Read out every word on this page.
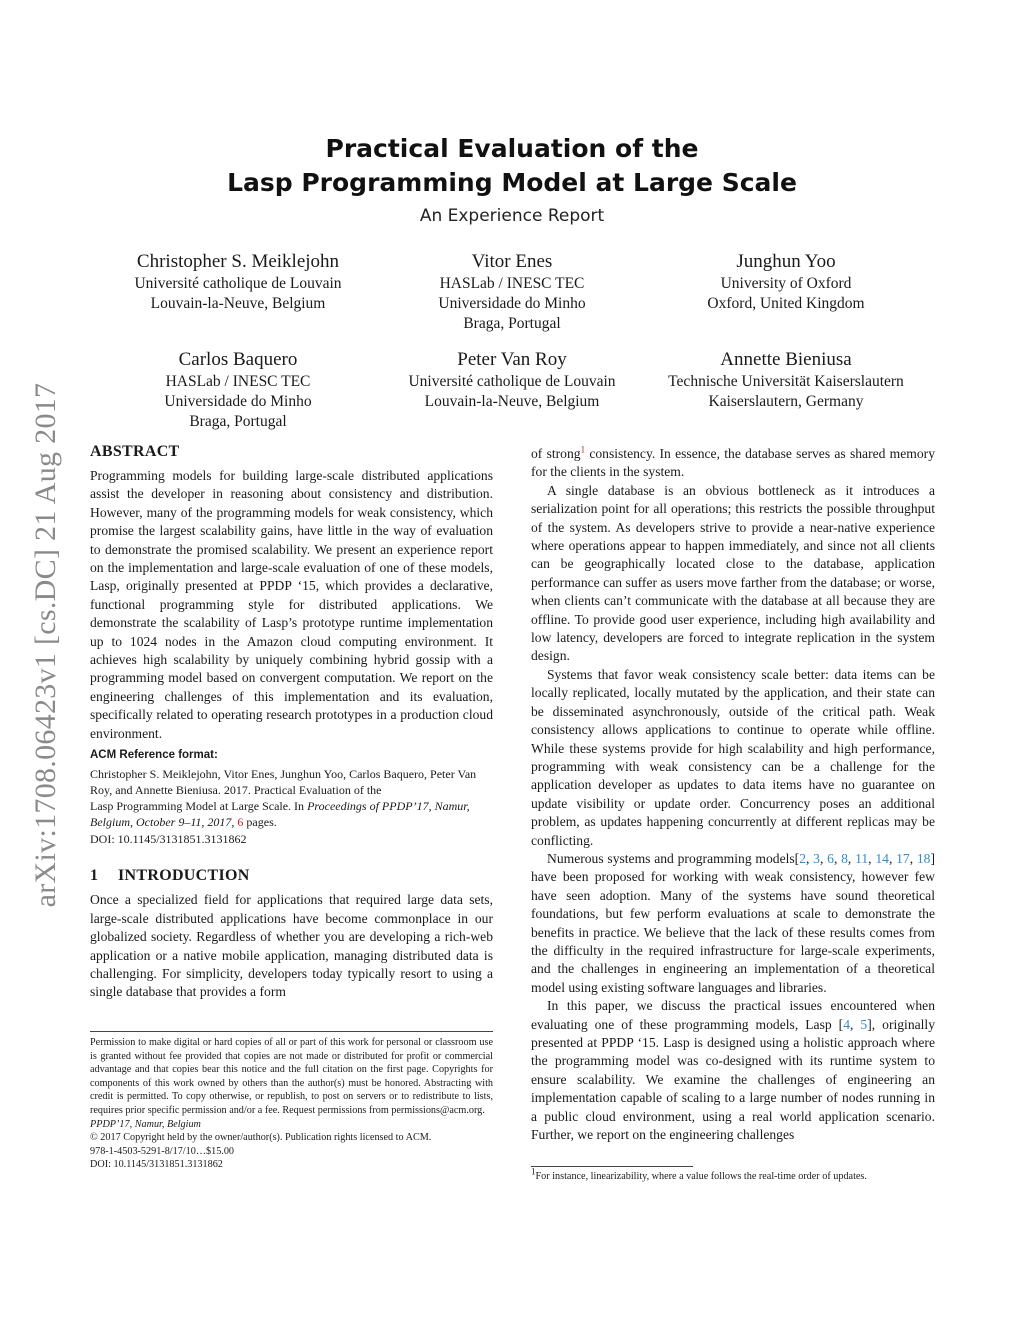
arXiv:1708.06423v1 [cs.DC] 21 Aug 2017
Practical Evaluation of the
Lasp Programming Model at Large Scale
An Experience Report
Christopher S. Meiklejohn
Université catholique de Louvain
Louvain-la-Neuve, Belgium
Vitor Enes
HASLab / INESC TEC
Universidade do Minho
Braga, Portugal
Junghun Yoo
University of Oxford
Oxford, United Kingdom
Carlos Baquero
HASLab / INESC TEC
Universidade do Minho
Braga, Portugal
Peter Van Roy
Université catholique de Louvain
Louvain-la-Neuve, Belgium
Annette Bieniusa
Technische Universität Kaiserslautern
Kaiserslautern, Germany
ABSTRACT

Programming models for building large-scale distributed applications assist the developer in reasoning about consistency and distribution. However, many of the programming models for weak consistency, which promise the largest scalability gains, have little in the way of evaluation to demonstrate the promised scalability. We present an experience report on the implementation and large-scale evaluation of one of these models, Lasp, originally presented at PPDP ‘15, which provides a declarative, functional programming style for distributed applications. We demonstrate the scalability of Lasp’s prototype runtime implementation up to 1024 nodes in the Amazon cloud computing environment. It achieves high scalability by uniquely combining hybrid gossip with a programming model based on convergent computation. We report on the engineering challenges of this implementation and its evaluation, specifically related to operating research prototypes in a production cloud environment.

ACM Reference format:
Christopher S. Meiklejohn, Vitor Enes, Junghun Yoo, Carlos Baquero, Peter Van Roy, and Annette Bieniusa. 2017. Practical Evaluation of the
Lasp Programming Model at Large Scale. In Proceedings of PPDP’17, Namur, Belgium, October 9–11, 2017, 6 pages.
DOI: 10.1145/3131851.3131862
1 INTRODUCTION

Once a specialized field for applications that required large data sets, large-scale distributed applications have become commonplace in our globalized society. Regardless of whether you are developing a rich-web application or a native mobile application, managing distributed data is challenging. For simplicity, developers today typically resort to using a single database that provides a form

Permission to make digital or hard copies of all or part of this work for personal or classroom use is granted without fee provided that copies are not made or distributed for profit or commercial advantage and that copies bear this notice and the full citation on the first page. Copyrights for components of this work owned by others than the author(s) must be honored. Abstracting with credit is permitted. To copy otherwise, or republish, to post on servers or to redistribute to lists, requires prior specific permission and/or a fee. Request permissions from permissions@acm.org.

PPDP’17, Namur, Belgium

© 2017 Copyright held by the owner/author(s). Publication rights licensed to ACM.

978-1-4503-5291-8/17/10…$15.00

DOI: 10.1145/3131851.3131862

of strong$^1$ consistency. In essence, the database serves as shared memory for the clients in the system.

A single database is an obvious bottleneck as it introduces a serialization point for all operations; this restricts the possible throughput of the system. As developers strive to provide a near-native experience where operations appear to happen immediately, and since not all clients can be geographically located close to the database, application performance can suffer as users move farther from the database; or worse, when clients can’t communicate with the database at all because they are offline. To provide good user experience, including high availability and low latency, developers are forced to integrate replication in the system design.

Systems that favor weak consistency scale better: data items can be locally replicated, locally mutated by the application, and their state can be disseminated asynchronously, outside of the critical path. Weak consistency allows applications to continue to operate while offline. While these systems provide for high scalability and high performance, programming with weak consistency can be a challenge for the application developer as updates to data items have no guarantee on update visibility or update order. Concurrency poses an additional problem, as updates happening concurrently at different replicas may be conflicting.

Numerous systems and programming models[2, 3, 6, 8, 11, 14, 17, 18] have been proposed for working with weak consistency, however few have seen adoption. Many of the systems have sound theoretical foundations, but few perform evaluations at scale to demonstrate the benefits in practice. We believe that the lack of these results comes from the difficulty in the required infrastructure for large-scale experiments, and the challenges in engineering an implementation of a theoretical model using existing software languages and libraries.

In this paper, we discuss the practical issues encountered when evaluating one of these programming models, Lasp [4, 5], originally presented at PPDP ‘15. Lasp is designed using a holistic approach where the programming model was co-designed with its runtime system to ensure scalability. We examine the challenges of engineering an implementation capable of scaling to a large number of nodes running in a public cloud environment, using a real world application scenario. Further, we report on the engineering challenges

$^1$For instance, linearizability, where a value follows the real-time order of updates.
